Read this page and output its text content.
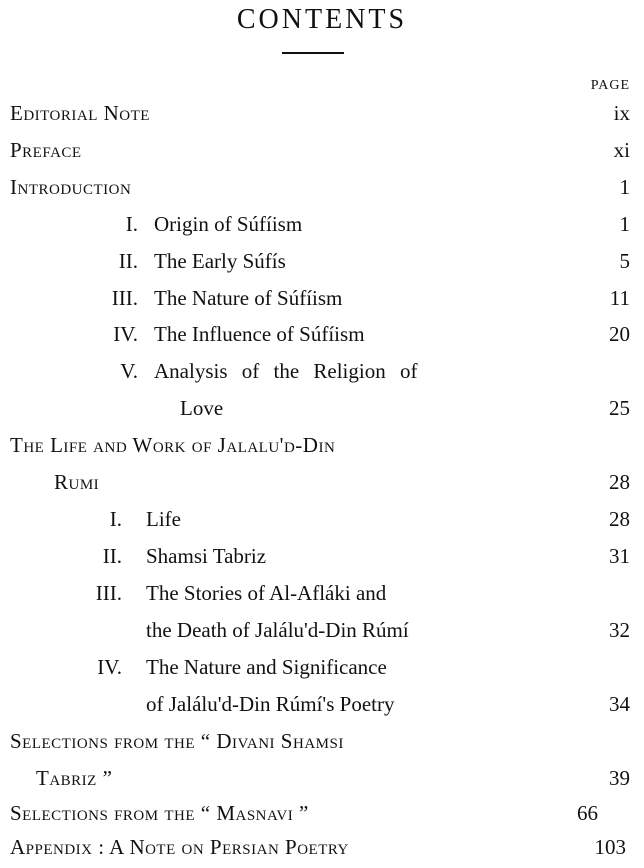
CONTENTS
PAGE
Editorial Note	ix
Preface	xi
Introduction	1
I. Origin of Súfíism	1
II. The Early Súfís	5
III. The Nature of Súfíism	11
IV. The Influence of Súfíism	20
V. Analysis of the Religion of
Love	25
The Life and Work of Jalalu'd-Din
Rumi	28
I. Life	28
II. Shamsi Tabriz	31
III. The Stories of Al-Afláki and
the Death of Jalálu'd-Din Rúmí	32
IV. The Nature and Significance
of Jalálu'd-Din Rúmí's Poetry	34
Selections from the “ Divani Shamsi
Tabriz ”	39
Selections from the “ Masnavi ”	66
Appendix : A Note on Persian Poetry	103
